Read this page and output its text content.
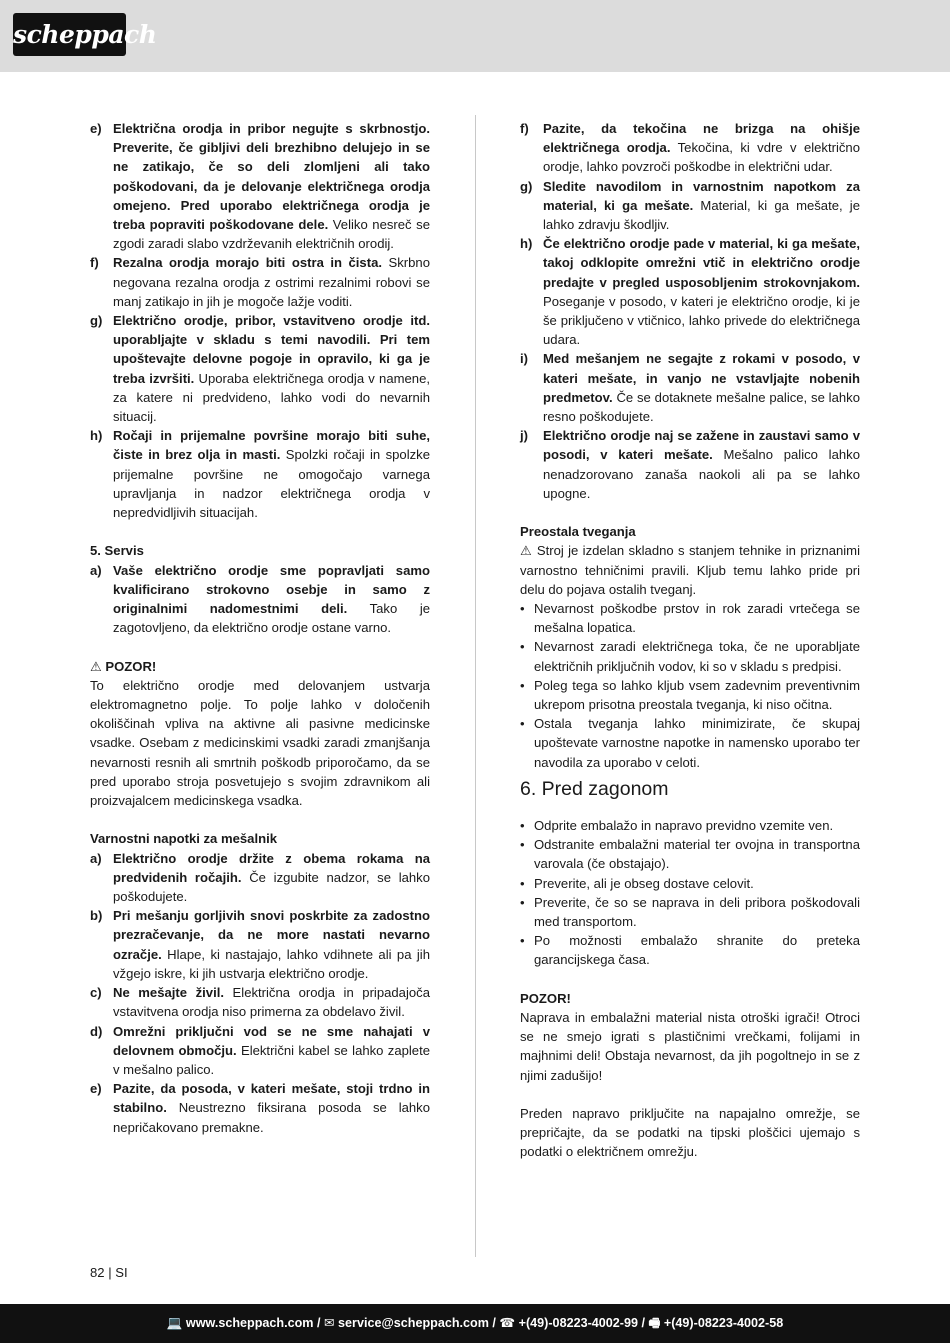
scheppach
e) Električna orodja in pribor negujte s skrbnostjo. Preverite, če gibljivi deli brezhibno delujejo in se ne zatikajo, če so deli zlomljeni ali tako poškodovani, da je delovanje električnega orodja omejeno. Pred uporabo električnega orodja je treba popraviti poškodovane dele. Veliko nesreč se zgodi zaradi slabo vzdrževanih električnih orodij.
f) Rezalna orodja morajo biti ostra in čista. Skrbno negovana rezalna orodja z ostrimi rezalnimi robovi se manj zatikajo in jih je mogoče lažje voditi.
g) Električno orodje, pribor, vstavitveno orodje itd. uporabljajte v skladu s temi navodili. Pri tem upoštevajte delovne pogoje in opravilo, ki ga je treba izvršiti. Uporaba električnega orodja v namene, za katere ni predvideno, lahko vodi do nevarnih situacij.
h) Ročaji in prijemalne površine morajo biti suhe, čiste in brez olja in masti. Spolzki ročaji in spolzke prijemalne površine ne omogočajo varnega upravljanja in nadzor električnega orodja v nepredvidljivih situacijah.
5. Servis
a) Vaše električno orodje sme popravljati samo kvalificirano strokovno osebje in samo z originalnimi nadomestnimi deli. Tako je zagotovljeno, da električno orodje ostane varno.
⚠ POZOR!
To električno orodje med delovanjem ustvarja elektromagnetno polje. To polje lahko v določenih okoliščinah vpliva na aktivne ali pasivne medicinske vsadke. Osebam z medicinskimi vsadki zaradi zmanjšanja nevarnosti resnih ali smrtnih poškodb priporočamo, da se pred uporabo stroja posvetujejo s svojim zdravnikom ali proizvajalcem medicinskega vsadka.
Varnostni napotki za mešalnik
a) Električno orodje držite z obema rokama na predvidenih ročajih. Če izgubite nadzor, se lahko poškodujete.
b) Pri mešanju gorljivih snovi poskrbite za zadostno prezračevanje, da ne more nastati nevarno ozračje. Hlape, ki nastajajo, lahko vdihnete ali pa jih vžgejo iskre, ki jih ustvarja električno orodje.
c) Ne mešajte živil. Električna orodja in pripadajoča vstavitvena orodja niso primerna za obdelavo živil.
d) Omrežni priključni vod se ne sme nahajati v delovnem območju. Električni kabel se lahko zaplete v mešalno palico.
e) Pazite, da posoda, v kateri mešate, stoji trdno in stabilno. Neustrezno fiksirana posoda se lahko nepričakovano premakne.
f) Pazite, da tekočina ne brizga na ohišje električnega orodja. Tekočina, ki vdre v električno orodje, lahko povzroči poškodbe in električni udar.
g) Sledite navodilom in varnostnim napotkom za material, ki ga mešate. Material, ki ga mešate, je lahko zdravju škodljiv.
h) Če električno orodje pade v material, ki ga mešate, takoj odklopite omrežni vtič in električno orodje predajte v pregled usposobljenim strokovnjakom. Poseganje v posodo, v kateri je električno orodje, ki je še priključeno v vtičnico, lahko privede do električnega udara.
i) Med mešanjem ne segajte z rokami v posodo, v kateri mešate, in vanjo ne vstavljajte nobenih predmetov. Če se dotaknete mešalne palice, se lahko resno poškodujete.
j) Električno orodje naj se zažene in zaustavi samo v posodi, v kateri mešate. Mešalno palico lahko nenadzorovano zanaša naokoli ali pa se lahko upogne.
Preostala tveganja
⚠ Stroj je izdelan skladno s stanjem tehnike in priznanimi varnostno tehničnimi pravili. Kljub temu lahko pride pri delu do pojava ostalih tveganj.
• Nevarnost poškodbe prstov in rok zaradi vrtečega se mešalna lopatica.
• Nevarnost zaradi električnega toka, če ne uporabljate električnih priključnih vodov, ki so v skladu s predpisi.
• Poleg tega so lahko kljub vsem zadevnim preventivnim ukrepom prisotna preostala tveganja, ki niso očitna.
• Ostala tveganja lahko minimizirate, če skupaj upoštevate varnostne napotke in namensko uporabo ter navodila za uporabo v celoti.
6. Pred zagonom
• Odprite embalažo in napravo previdno vzemite ven.
• Odstranite embalažni material ter ovojna in transportna varovala (če obstajajo).
• Preverite, ali je obseg dostave celovit.
• Preverite, če so se naprava in deli pribora poškodovali med transportom.
• Po možnosti embalažo shranite do preteka garancijskega časa.
POZOR!
Naprava in embalažni material nista otroški igrači! Otroci se ne smejo igrati s plastičnimi vrečkami, folijami in majhnimi deli! Obstaja nevarnost, da jih pogoltnejo in se z njimi zadušijo!
Preden napravo priključite na napajalno omrežje, se prepričajte, da se podatki na tipski ploščici ujemajo s podatki o električnem omrežju.
82 | SI
💻 www.scheppach.com / ✉ service@scheppach.com / ☎ +(49)-08223-4002-99 / 🖷 +(49)-08223-4002-58
